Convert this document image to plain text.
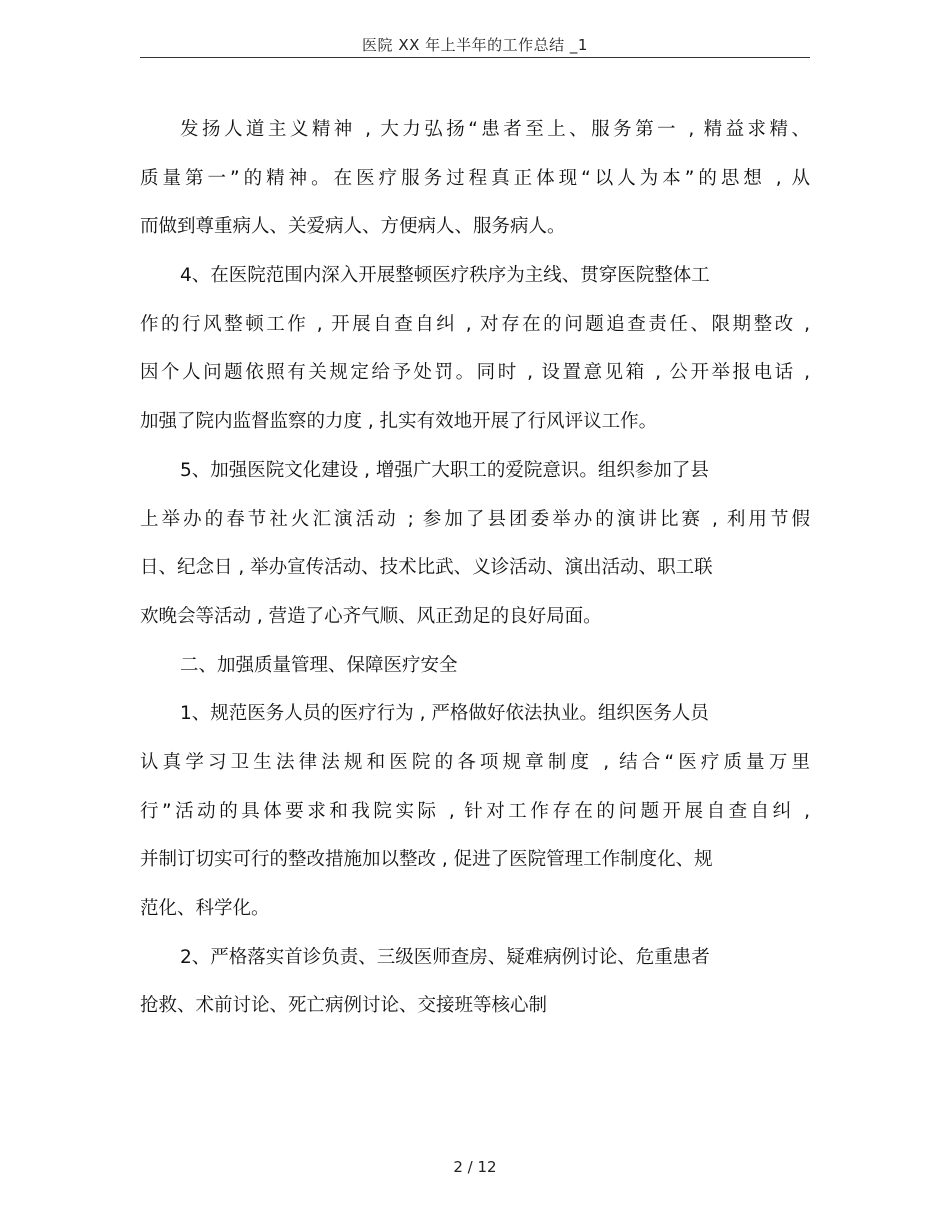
医院 XX 年上半年的工作总结 _1
发扬人道主义精神 , 大力弘扬“患者至上、服务第一 , 精益求精、
质量第一”的精神。在医疗服务过程真正体现“以人为本”的思想 , 从
而做到尊重病人、关爱病人、方便病人、服务病人。
4、在医院范围内深入开展整顿医疗秩序为主线、贯穿医院整体工
作的行风整顿工作 , 开展自查自纠 , 对存在的问题追查责任、限期整改 ,
因个人问题依照有关规定给予处罚。同时 , 设置意见箱 , 公开举报电话 ,
加强了院内监督监察的力度 , 扎实有效地开展了行风评议工作。
5、加强医院文化建设 , 增强广大职工的爱院意识。组织参加了县
上举办的春节社火汇演活动 ; 参加了县团委举办的演讲比赛 , 利用节假
日、纪念日 , 举办宣传活动、技术比武、义诊活动、演出活动、职工联
欢晚会等活动 , 营造了心齐气顺、风正劲足的良好局面。
二、加强质量管理、保障医疗安全
1、规范医务人员的医疗行为 , 严格做好依法执业。组织医务人员
认真学习卫生法律法规和医院的各项规章制度 , 结合“医疗质量万里
行”活动的具体要求和我院实际 , 针对工作存在的问题开展自查自纠 ,
并制订切实可行的整改措施加以整改 , 促进了医院管理工作制度化、规
范化、科学化。
2、严格落实首诊负责、三级医师查房、疑难病例讨论、危重患者
抢救、术前讨论、死亡病例讨论、交接班等核心制
2 / 12
